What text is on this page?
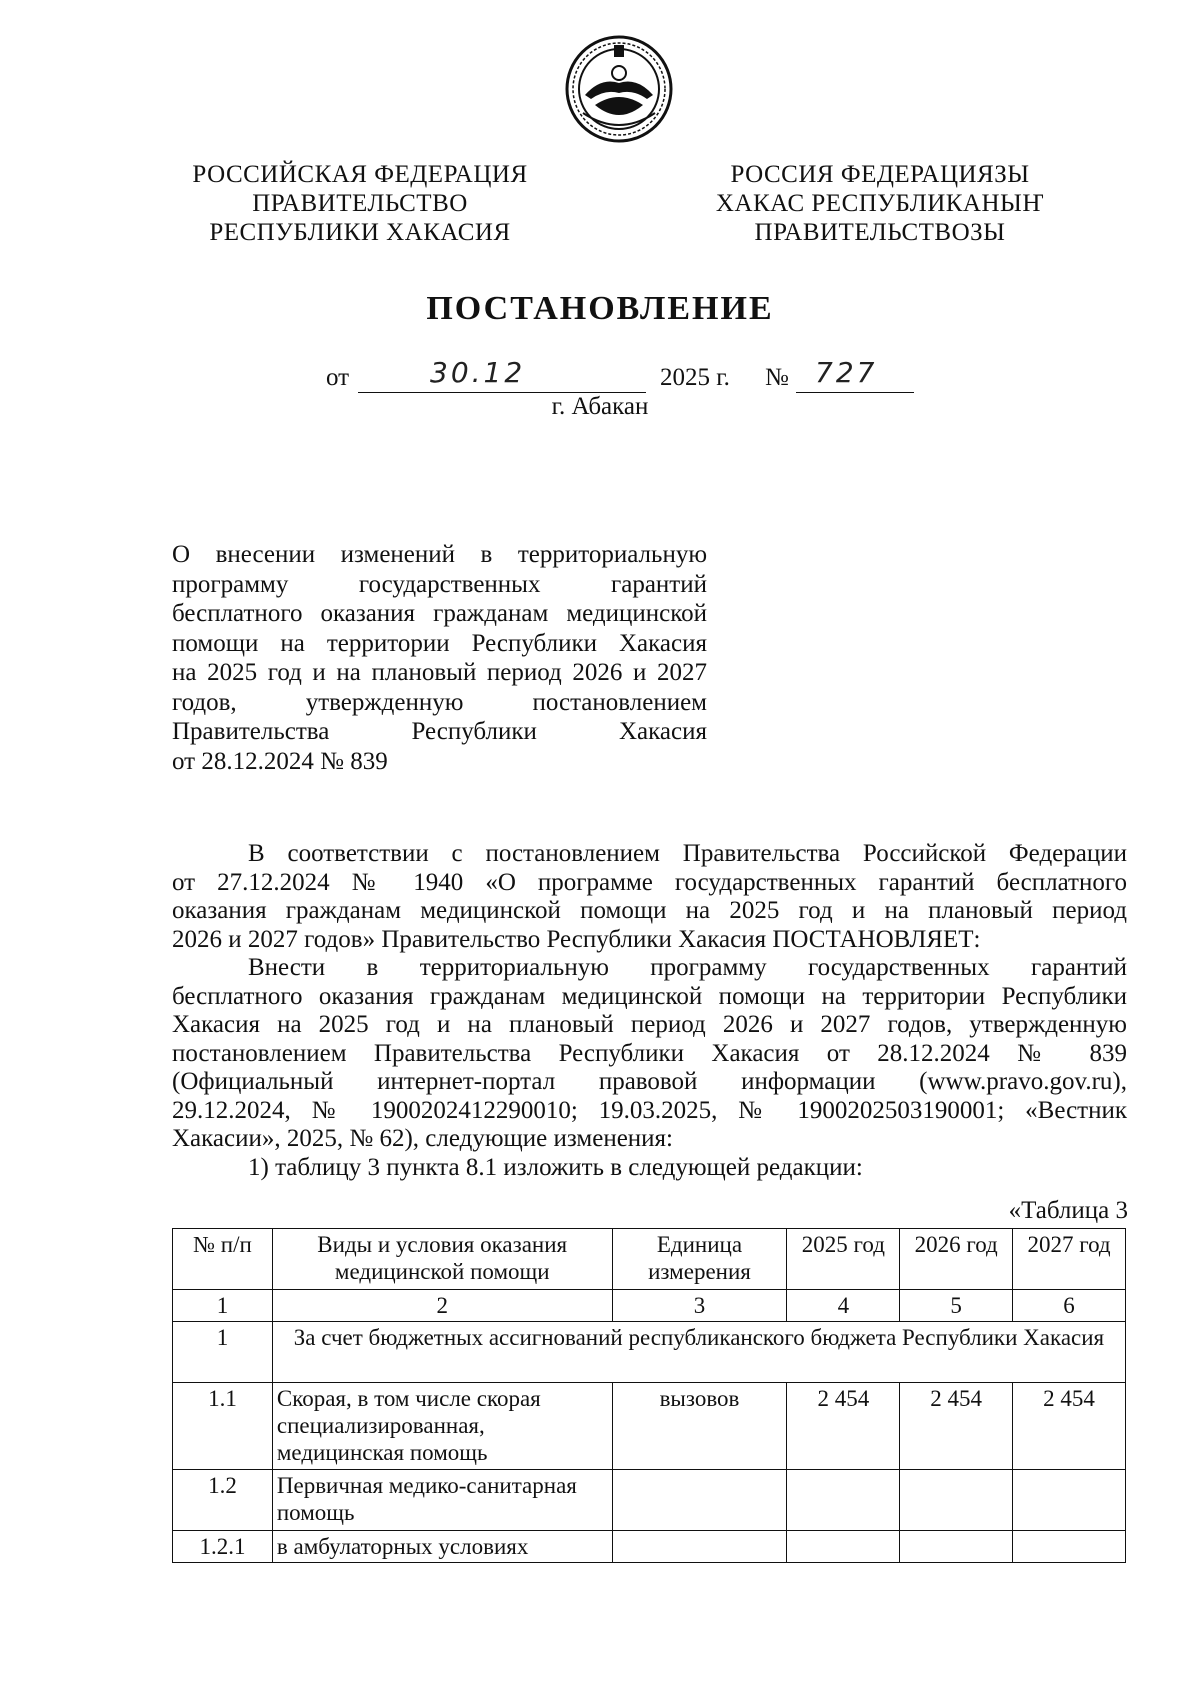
РОССИЙСКАЯ ФЕДЕРАЦИЯ
ПРАВИТЕЛЬСТВО
РЕСПУБЛИКИ ХАКАСИЯ
РОССИЯ ФЕДЕРАЦИЯЗЫ
ХАКАС РЕСПУБЛИКАНЫҤ
ПРАВИТЕЛЬСТВОЗЫ
ПОСТАНОВЛЕНИЕ
от	30.12	2025 г. № 727
г. Абакан
О внесении изменений в территориальную
программу государственных гарантий
бесплатного оказания гражданам медицинской
помощи на территории Республики Хакасия
на 2025 год и на плановый период 2026 и 2027
годов, утвержденную постановлением
Правительства Республики Хакасия
от 28.12.2024 № 839
В соответствии с постановлением Правительства Российской Федерации
от 27.12.2024 № 1940 «О программе государственных гарантий бесплатного
оказания гражданам медицинской помощи на 2025 год и на плановый период
2026 и 2027 годов» Правительство Республики Хакасия ПОСТАНОВЛЯЕТ:
Внести в территориальную программу государственных гарантий
бесплатного оказания гражданам медицинской помощи на территории Республики
Хакасия на 2025 год и на плановый период 2026 и 2027 годов, утвержденную
постановлением Правительства Республики Хакасия от 28.12.2024 № 839
(Официальный интернет-портал правовой информации (www.pravo.gov.ru),
29.12.2024, № 1900202412290010; 19.03.2025, № 1900202503190001; «Вестник
Хакасии», 2025, № 62), следующие изменения:
1) таблицу 3 пункта 8.1 изложить в следующей редакции:
«Таблица 3
№ п/п	Виды и условия оказания медицинской помощи	Единица измерения	2025 год	2026 год	2027 год
1	2	3	4	5	6
1	За счет бюджетных ассигнований республиканского бюджета Республики Хакасия				
1.1	Скорая, в том числе скорая специализированная, медицинская помощь	вызовов	2 454	2 454	2 454
1.2	Первичная медико-санитарная помощь				
1.2.1	в амбулаторных условиях				
